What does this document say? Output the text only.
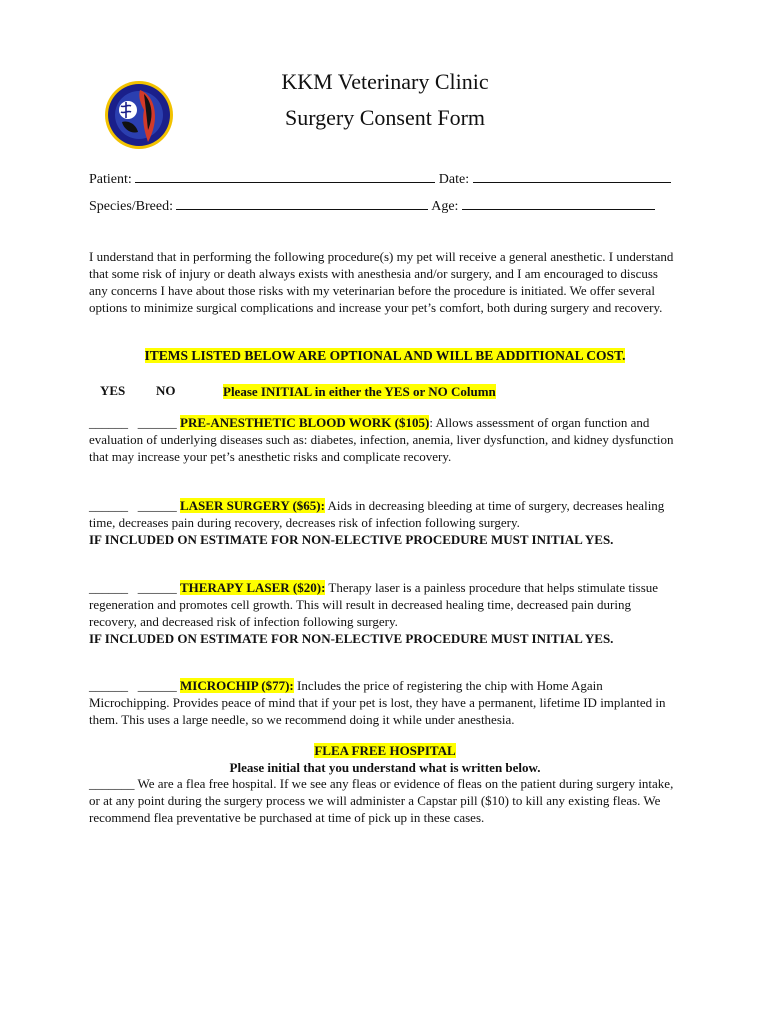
KKM Veterinary Clinic
Surgery Consent Form
Patient:	Date:
Species/Breed:	Age:
I understand that in performing the following procedure(s) my pet will receive a general anesthetic. I understand that some risk of injury or death always exists with anesthesia and/or surgery, and I am encouraged to discuss any concerns I have about those risks with my veterinarian before the procedure is initiated. We offer several options to minimize surgical complications and increase your pet’s comfort, both during surgery and recovery.
ITEMS LISTED BELOW ARE OPTIONAL AND WILL BE ADDITIONAL COST.
YES NO	Please INITIAL in either the YES or NO Column
______ ______ PRE-ANESTHETIC BLOOD WORK ($105): Allows assessment of organ function and evaluation of underlying diseases such as: diabetes, infection, anemia, liver dysfunction, and kidney dysfunction that may increase your pet’s anesthetic risks and complicate recovery.
______ ______ LASER SURGERY ($65): Aids in decreasing bleeding at time of surgery, decreases healing time, decreases pain during recovery, decreases risk of infection following surgery.
IF INCLUDED ON ESTIMATE FOR NON-ELECTIVE PROCEDURE MUST INITIAL YES.
______ ______ THERAPY LASER ($20): Therapy laser is a painless procedure that helps stimulate tissue regeneration and promotes cell growth. This will result in decreased healing time, decreased pain during recovery, and decreased risk of infection following surgery.
IF INCLUDED ON ESTIMATE FOR NON-ELECTIVE PROCEDURE MUST INITIAL YES.
______ ______ MICROCHIP ($77): Includes the price of registering the chip with Home Again Microchipping. Provides peace of mind that if your pet is lost, they have a permanent, lifetime ID implanted in them. This uses a large needle, so we recommend doing it while under anesthesia.
FLEA FREE HOSPITAL
Please initial that you understand what is written below.
_______ We are a flea free hospital. If we see any fleas or evidence of fleas on the patient during surgery intake, or at any point during the surgery process we will administer a Capstar pill ($10) to kill any existing fleas. We recommend flea preventative be purchased at time of pick up in these cases.
